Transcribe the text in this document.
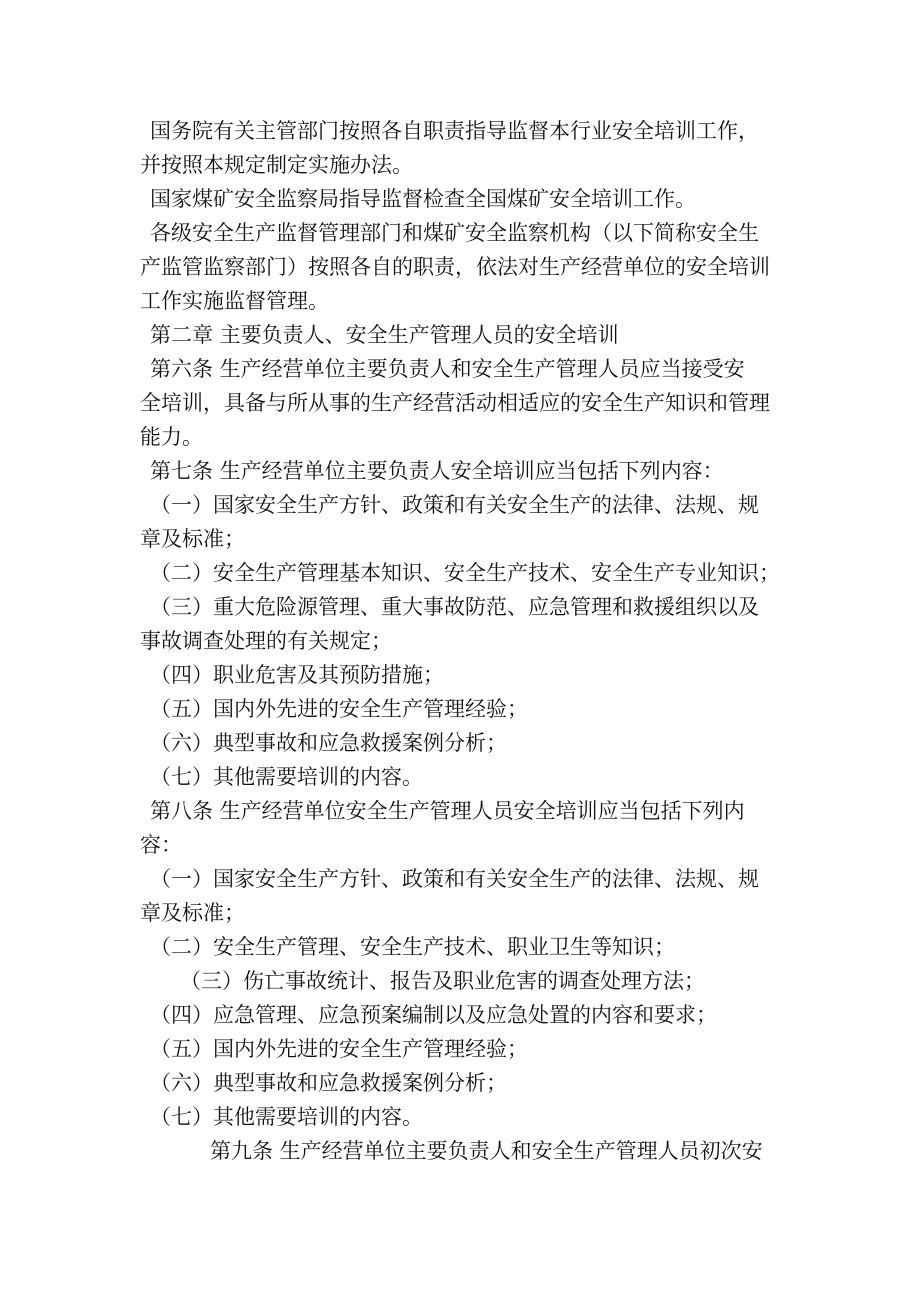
国务院有关主管部门按照各自职责指导监督本行业安全培训工作，
并按照本规定制定实施办法。
国家煤矿安全监察局指导监督检查全国煤矿安全培训工作。
各级安全生产监督管理部门和煤矿安全监察机构（以下简称安全生
产监管监察部门）按照各自的职责，依法对生产经营单位的安全培训
工作实施监督管理。
第二章 主要负责人、安全生产管理人员的安全培训
第六条 生产经营单位主要负责人和安全生产管理人员应当接受安
全培训，具备与所从事的生产经营活动相适应的安全生产知识和管理
能力。
第七条 生产经营单位主要负责人安全培训应当包括下列内容：
（一）国家安全生产方针、政策和有关安全生产的法律、法规、规
章及标准；
（二）安全生产管理基本知识、安全生产技术、安全生产专业知识；
（三）重大危险源管理、重大事故防范、应急管理和救援组织以及
事故调查处理的有关规定；
（四）职业危害及其预防措施；
（五）国内外先进的安全生产管理经验；
（六）典型事故和应急救援案例分析；
（七）其他需要培训的内容。
第八条 生产经营单位安全生产管理人员安全培训应当包括下列内
容：
（一）国家安全生产方针、政策和有关安全生产的法律、法规、规
章及标准；
（二）安全生产管理、安全生产技术、职业卫生等知识；
（三）伤亡事故统计、报告及职业危害的调查处理方法；
（四）应急管理、应急预案编制以及应急处置的内容和要求；
（五）国内外先进的安全生产管理经验；
（六）典型事故和应急救援案例分析；
（七）其他需要培训的内容。
第九条 生产经营单位主要负责人和安全生产管理人员初次安
